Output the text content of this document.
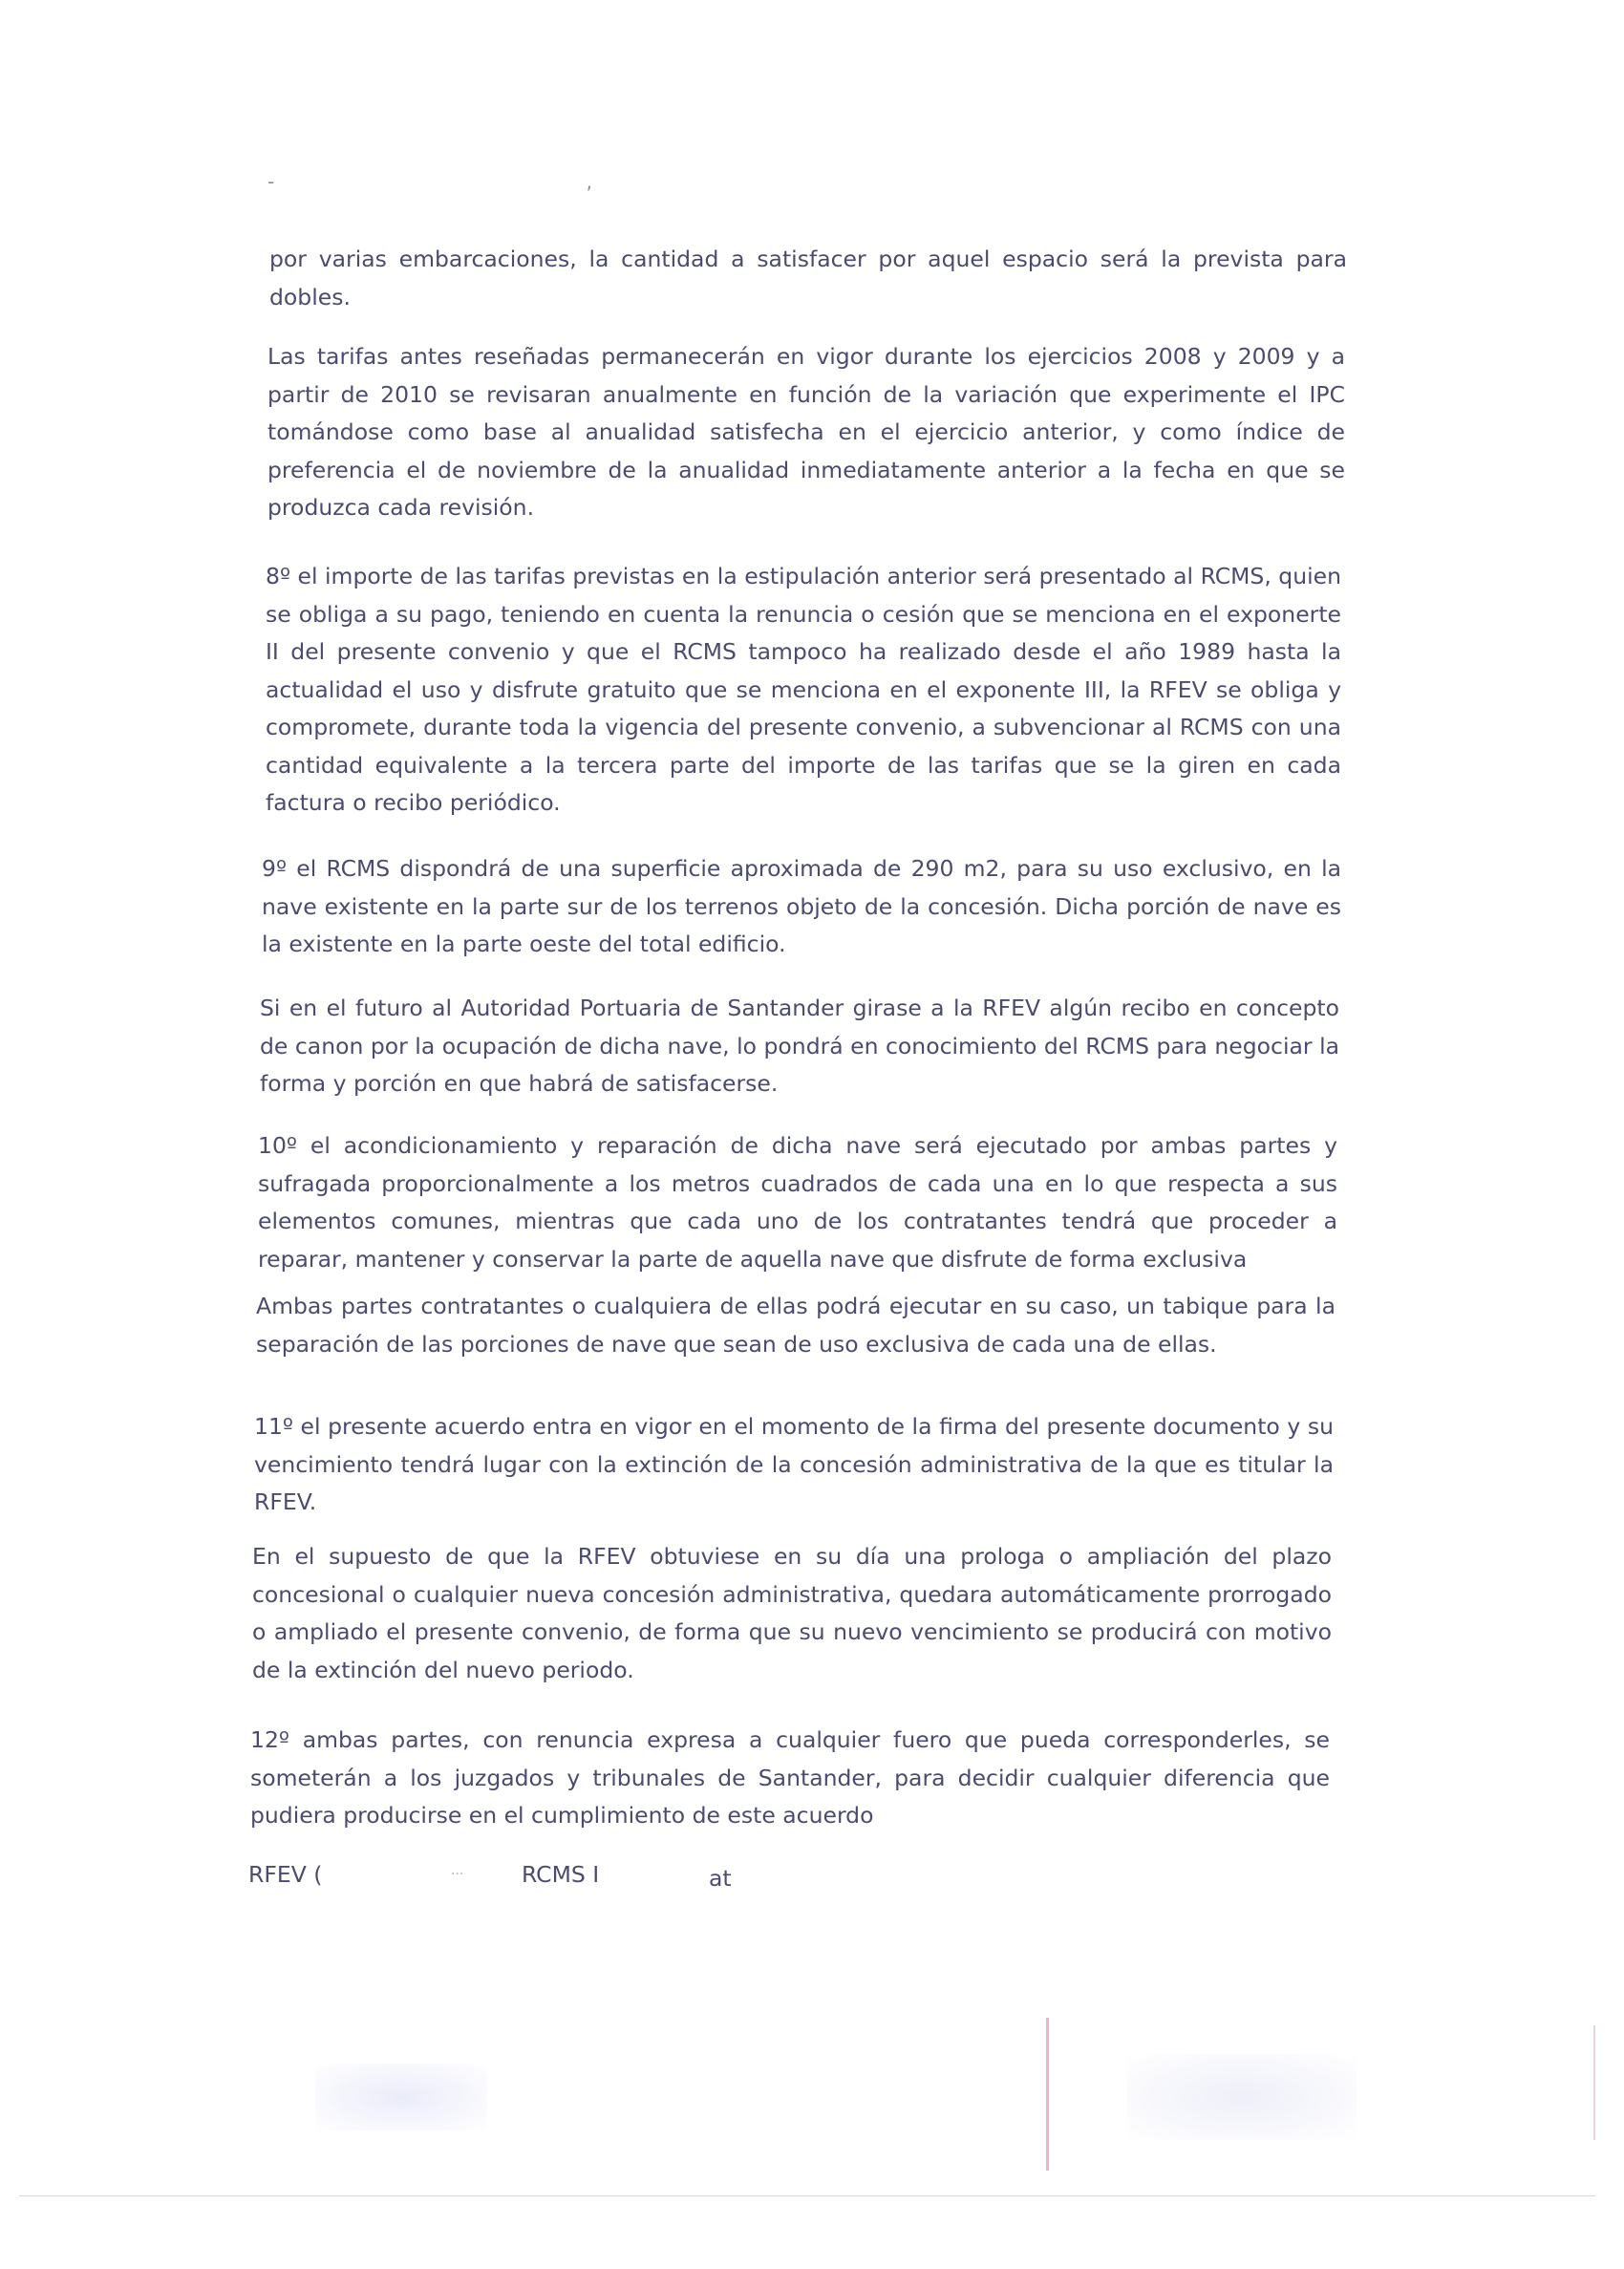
- ,

por varias embarcaciones, la cantidad a satisfacer por aquel espacio será la prevista para dobles.

Las tarifas antes reseñadas permanecerán en vigor durante los ejercicios 2008 y 2009 y a partir de 2010 se revisaran anualmente en función de la variación que experimente el IPC tomándose como base al anualidad satisfecha en el ejercicio anterior, y como índice de preferencia el de noviembre de la anualidad inmediatamente anterior a la fecha en que se produzca cada revisión.

8º el importe de las tarifas previstas en la estipulación anterior será presentado al RCMS, quien se obliga a su pago, teniendo en cuenta la renuncia o cesión que se menciona en el exponerte II del presente convenio y que el RCMS tampoco ha realizado desde el año 1989 hasta la actualidad el uso y disfrute gratuito que se menciona en el exponente III, la RFEV se obliga y compromete, durante toda la vigencia del presente convenio, a subvencionar al RCMS con una cantidad equivalente a la tercera parte del importe de las tarifas que se la giren en cada factura o recibo periódico.

9º el RCMS dispondrá de una superficie aproximada de 290 m2, para su uso exclusivo, en la nave existente en la parte sur de los terrenos objeto de la concesión. Dicha porción de nave es la existente en la parte oeste del total edificio.

Si en el futuro al Autoridad Portuaria de Santander girase a la RFEV algún recibo en concepto de canon por la ocupación de dicha nave, lo pondrá en conocimiento del RCMS para negociar la forma y porción en que habrá de satisfacerse.

10º el acondicionamiento y reparación de dicha nave será ejecutado por ambas partes y sufragada proporcionalmente a los metros cuadrados de cada una en lo que respecta a sus elementos comunes, mientras que cada uno de los contratantes tendrá que proceder a reparar, mantener y conservar la parte de aquella nave que disfrute de forma exclusiva

Ambas partes contratantes o cualquiera de ellas podrá ejecutar en su caso, un tabique para la separación de las porciones de nave que sean de uso exclusiva de cada una de ellas.

11º el presente acuerdo entra en vigor en el momento de la firma del presente documento y su vencimiento tendrá lugar con la extinción de la concesión administrativa de la que es titular la RFEV.

En el supuesto de que la RFEV obtuviese en su día una prologa o ampliación del plazo concesional o cualquier nueva concesión administrativa, quedara automáticamente prorrogado o ampliado el presente convenio, de forma que su nuevo vencimiento se producirá con motivo de la extinción del nuevo periodo.

12º ambas partes, con renuncia expresa a cualquier fuero que pueda corresponderles, se someterán a los juzgados y tribunales de Santander, para decidir cualquier diferencia que pudiera producirse en el cumplimiento de este acuerdo

RFEV (	...	RCMS I	at
